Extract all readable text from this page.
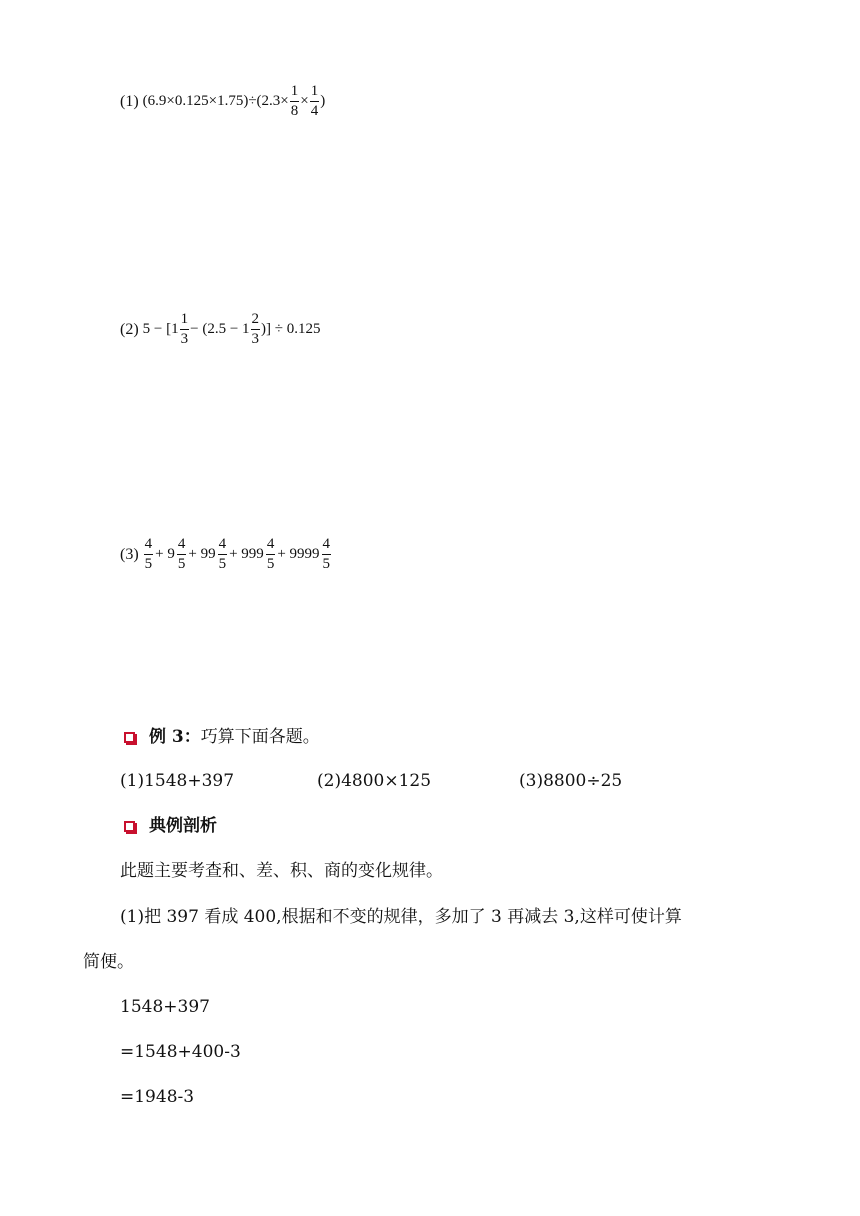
(1) $(6.9\times 0.125\times 1.75)\div(2.3\times \frac{1}{8} \times \frac{1}{4}$ )
(2) $5 - [1 \frac{1}{3} - (2.5 - 1 \frac{2}{3}$ )] ÷ 0.125
$(3) \frac{4}{5} + 9 \frac{4}{5} + 99 \frac{4}{5} + 999 \frac{4}{5} + 9999 \frac{4}{5}$
例 3：巧算下面各题。
(1)1548+397	(2)4800×125	(3)8800÷25
典例剖析
此题主要考查和、差、积、商的变化规律。
(1)把 397 看成 400,根据和不变的规律，多加了 3 再减去 3,这样可使计算
简便。
1548+397
=1548+400-3
=1948-3
